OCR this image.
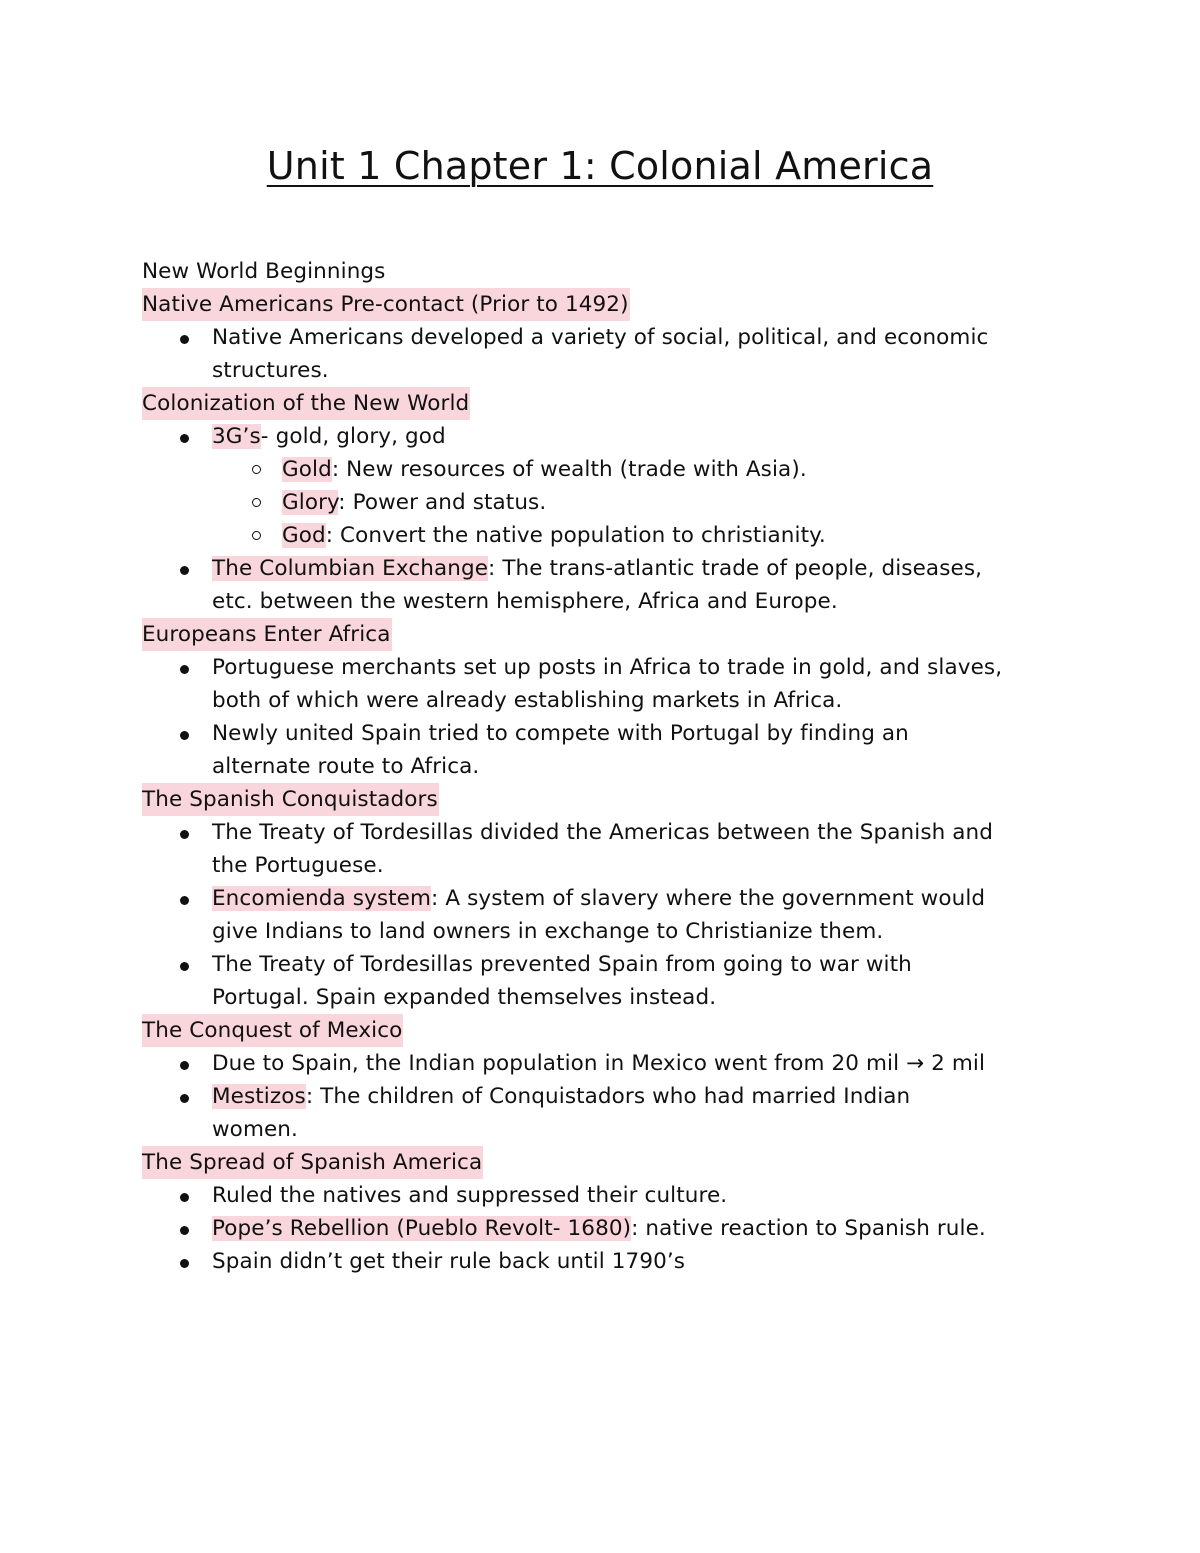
Unit 1 Chapter 1: Colonial America
New World Beginnings
Native Americans Pre-contact (Prior to 1492)
Native Americans developed a variety of social, political, and economic
structures.
Colonization of the New World
3G’s- gold, glory, god
Gold: New resources of wealth (trade with Asia).
Glory: Power and status.
God: Convert the native population to christianity.
The Columbian Exchange: The trans-atlantic trade of people, diseases,
etc. between the western hemisphere, Africa and Europe.
Europeans Enter Africa
Portuguese merchants set up posts in Africa to trade in gold, and slaves,
both of which were already establishing markets in Africa.
Newly united Spain tried to compete with Portugal by finding an
alternate route to Africa.
The Spanish Conquistadors
The Treaty of Tordesillas divided the Americas between the Spanish and
the Portuguese.
Encomienda system: A system of slavery where the government would
give Indians to land owners in exchange to Christianize them.
The Treaty of Tordesillas prevented Spain from going to war with
Portugal. Spain expanded themselves instead.
The Conquest of Mexico
Due to Spain, the Indian population in Mexico went from 20 mil → 2 mil
Mestizos: The children of Conquistadors who had married Indian
women.
The Spread of Spanish America
Ruled the natives and suppressed their culture.
Pope’s Rebellion (Pueblo Revolt- 1680): native reaction to Spanish rule.
Spain didn’t get their rule back until 1790’s
